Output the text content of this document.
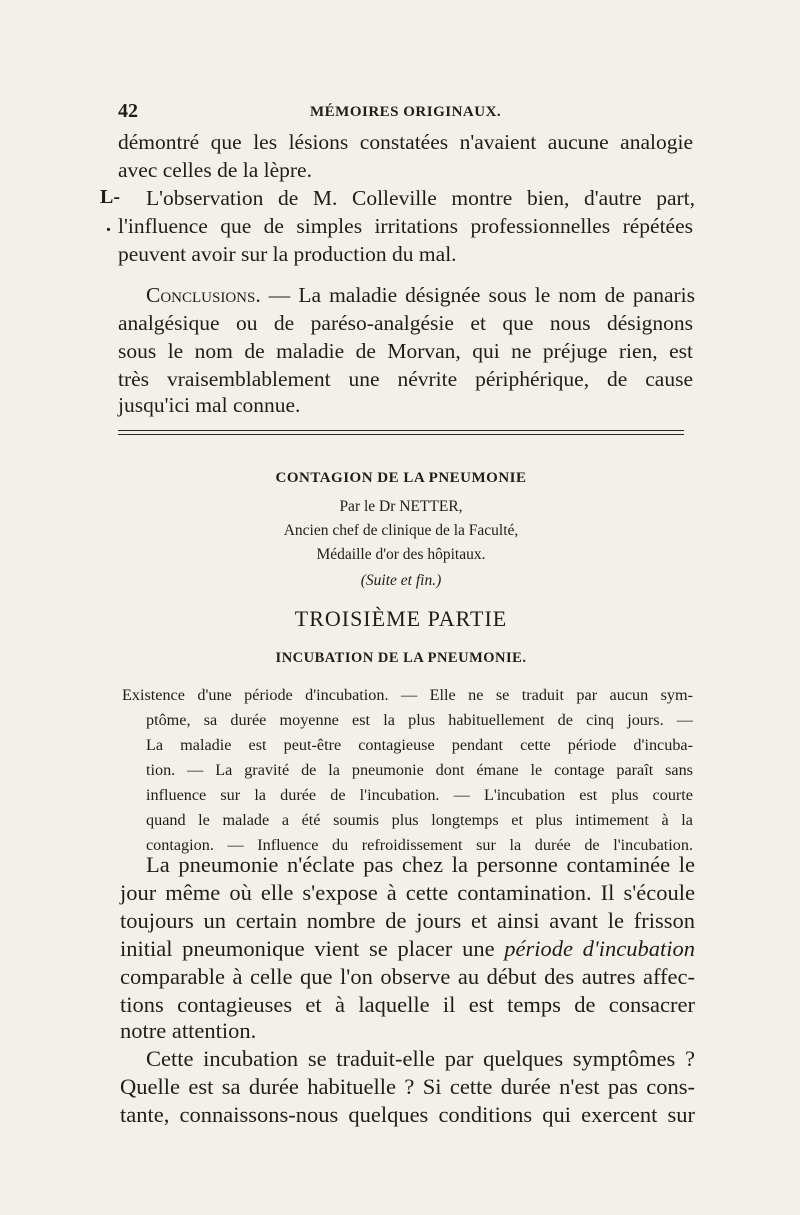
42	MÉMOIRES ORIGINAUX.
démontré que les lésions constatées n'avaient aucune analogie
avec celles de la lèpre.
L- L'observation de M. Colleville montre bien, d'autre part,
. l'influence que de simples irritations professionnelles répétées
peuvent avoir sur la production du mal.
Conclusions. — La maladie désignée sous le nom de panaris
analgésique ou de paréso-analgésie et que nous désignons
sous le nom de maladie de Morvan, qui ne préjuge rien, est
très vraisemblablement une névrite périphérique, de cause
jusqu'ici mal connue.
CONTAGION DE LA PNEUMONIE
Par le Dr NETTER,
Ancien chef de clinique de la Faculté,
Médaille d'or des hôpitaux.
(Suite et fin.)
TROISIÈME PARTIE
INCUBATION DE LA PNEUMONIE.
Existence d'une période d'incubation. — Elle ne se traduit par aucun sym-
ptôme, sa durée moyenne est la plus habituellement de cinq jours. —
La maladie est peut-être contagieuse pendant cette période d'incuba-
tion. — La gravité de la pneumonie dont émane le contage paraît sans
influence sur la durée de l'incubation. — L'incubation est plus courte
quand le malade a été soumis plus longtemps et plus intimement à la
contagion. — Influence du refroidissement sur la durée de l'incubation.
La pneumonie n'éclate pas chez la personne contaminée le
jour même où elle s'expose à cette contamination. Il s'écoule
toujours un certain nombre de jours et ainsi avant le frisson
initial pneumonique vient se placer une période d'incubation
comparable à celle que l'on observe au début des autres affec-
tions contagieuses et à laquelle il est temps de consacrer
notre attention.
Cette incubation se traduit-elle par quelques symptômes ?
Quelle est sa durée habituelle ? Si cette durée n'est pas cons-
tante, connaissons-nous quelques conditions qui exercent sur
